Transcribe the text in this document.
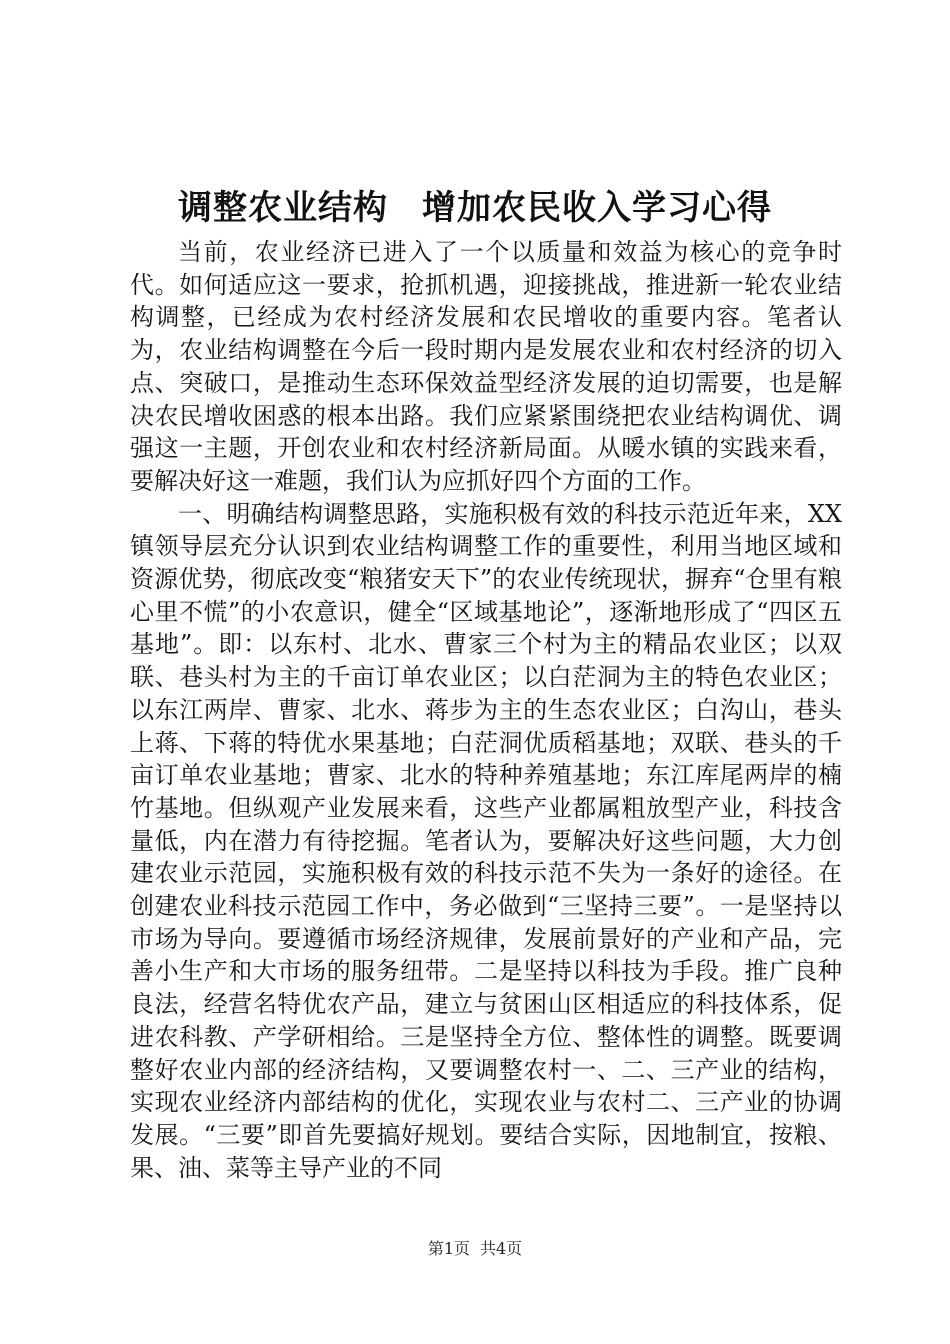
调整农业结构 增加农民收入学习心得

当前，农业经济已进入了一个以质量和效益为核心的竞争时代。如何适应这一要求，抢抓机遇，迎接挑战，推进新一轮农业结构调整，已经成为农村经济发展和农民增收的重要内容。笔者认为，农业结构调整在今后一段时期内是发展农业和农村经济的切入点、突破口，是推动生态环保效益型经济发展的迫切需要，也是解决农民增收困惑的根本出路。我们应紧紧围绕把农业结构调优、调强这一主题，开创农业和农村经济新局面。从暖水镇的实践来看，要解决好这一难题，我们认为应抓好四个方面的工作。

一、明确结构调整思路，实施积极有效的科技示范近年来，XX镇领导层充分认识到农业结构调整工作的重要性，利用当地区域和资源优势，彻底改变“粮猪安天下”的农业传统现状，摒弃“仓里有粮心里不慌”的小农意识，健全“区域基地论”，逐渐地形成了“四区五基地”。即：以东村、北水、曹家三个村为主的精品农业区；以双联、巷头村为主的千亩订单农业区；以白茫洞为主的特色农业区；以东江两岸、曹家、北水、蒋步为主的生态农业区；白沟山，巷头上蒋、下蒋的特优水果基地；白茫洞优质稻基地；双联、巷头的千亩订单农业基地；曹家、北水的特种养殖基地；东江库尾两岸的楠竹基地。但纵观产业发展来看，这些产业都属粗放型产业，科技含量低，内在潜力有待挖掘。笔者认为，要解决好这些问题，大力创建农业示范园，实施积极有效的科技示范不失为一条好的途径。在创建农业科技示范园工作中，务必做到“三坚持三要”。一是坚持以市场为导向。要遵循市场经济规律，发展前景好的产业和产品，完善小生产和大市场的服务纽带。二是坚持以科技为手段。推广良种良法，经营名特优农产品，建立与贫困山区相适应的科技体系，促进农科教、产学研相给。三是坚持全方位、整体性的调整。既要调整好农业内部的经济结构，又要调整农村一、二、三产业的结构，实现农业经济内部结构的优化，实现农业与农村二、三产业的协调发展。“三要”即首先要搞好规划。要结合实际，因地制宜，按粮、果、油、菜等主导产业的不同

第1页 共4页
